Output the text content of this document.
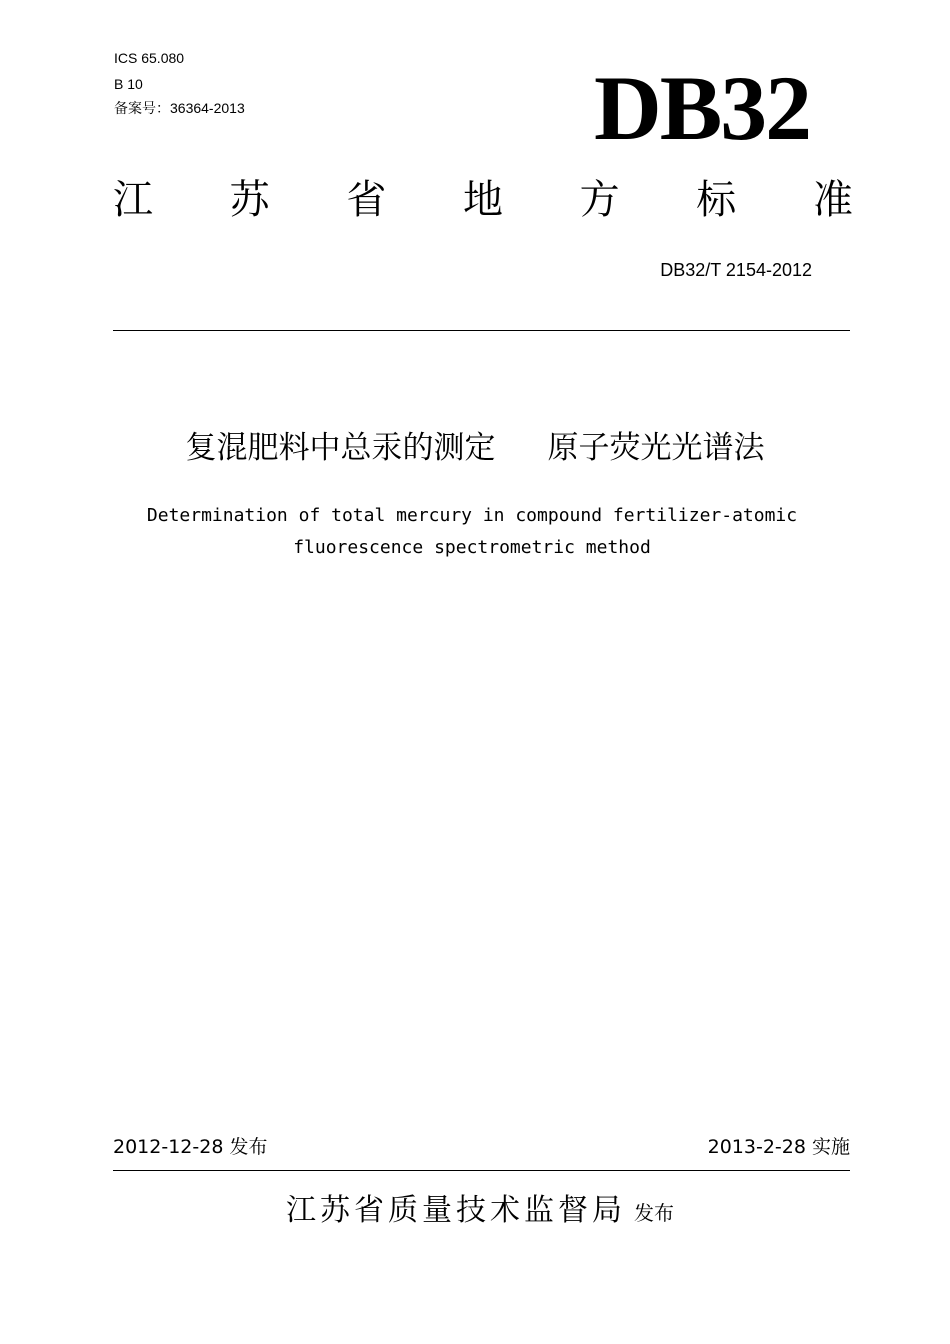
ICS 65.080
B 10
备案号：36364-2013	DB32
江 苏 省 地 方 标 准
DB32/T 2154-2012
复混肥料中总汞的测定 原子荧光光谱法
Determination of total mercury in compound fertilizer-atomic
fluorescence spectrometric method
2012-12-28 发布	2013-2-28 实施
江苏省质量技术监督局 发布
